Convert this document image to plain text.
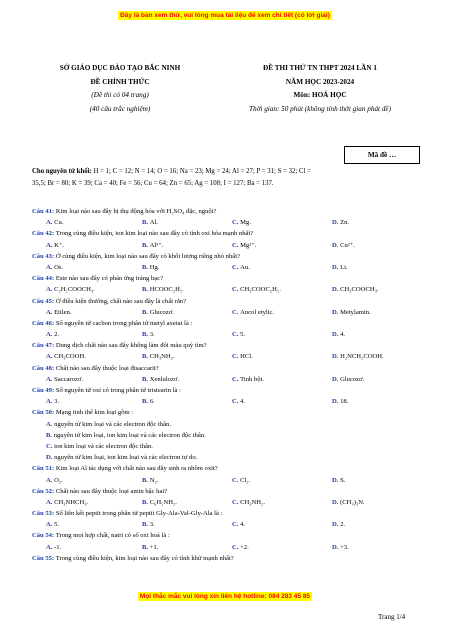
Đây là bản xem thử, vui lòng mua tài liệu để xem chi tiết (có lời giải)
SỞ GIÁO DỤC ĐÀO TẠO BẮC NINH
ĐỀ CHÍNH THỨC
(Đề thi có 04 trang)
(40 câu trắc nghiệm)
ĐỀ THI THỬ TN THPT 2024 LẦN 1
NĂM HỌC 2023-2024
Môn: HOÁ HỌC
Thời gian: 50 phút (không tính thời gian phát đề)
Mã đề …
Cho nguyên tử khối: H = 1; C = 12; N = 14; O = 16; Na = 23; Mg = 24; Al = 27; P = 31; S = 32; Cl =
35,5; Br = 80; K = 39; Ca = 40; Fe = 56; Cu = 64; Zn = 65; Ag = 108; I = 127; Ba = 137.
Câu 41: Kim loại nào sau đây bị thụ động hóa với H₂SO₄ đặc, nguội?
A. Cu.	B. Al.	C. Mg.	D. Zn.
Câu 42: Trong cùng điều kiện, ion kim loại nào sau đây có tính oxi hóa mạnh nhất?
A. K⁺.	B. Al³⁺.	C. Mg²⁺.	D. Cu²⁺.
Câu 43: Ở cùng điều kiện, kim loại nào sau đây có khối lượng riêng nhỏ nhất?
A. Os.	B. Hg.	C. Au.	D. Li.
Câu 44: Este nào sau đây có phản ứng tráng bạc?
A. C₂H₅COOCH₃.	B. HCOOC₂H₅.	C. CH₃COOC₂H₅.	D. CH₃COOCH₃.
Câu 45: Ở điều kiện thường, chất nào sau đây là chất rắn?
A. Etilen.	B. Glucozơ.	C. Ancol etylic.	D. Metylamin.
Câu 46: Số nguyên tử cacbon trong phân tử metyl axetat là :
A. 2.	B. 3.	C. 5.	D. 4.
Câu 47: Dung dịch chất nào sau đây không làm đổi màu quỳ tím?
A. CH₃COOH.	B. CH₃NH₂.	C. HCl.	D. H₂NCH₂COOH.
Câu 48: Chất nào sau đây thuộc loại đisaccarit?
A. Saccarozơ.	B. Xenlulozơ.	C. Tinh bột.	D. Glucozơ.
Câu 49: Số nguyên tử oxi có trong phân tử tristearin là :
A. 3.	B. 6.	C. 4.	D. 18.
Câu 50: Mạng tinh thể kim loại gồm :
A. nguyên tử kim loại và các electron độc thân.
B. nguyên tử kim loại, ion kim loại và các electron độc thân.
C. ion kim loại và các electron độc thân.
D. nguyên tử kim loại, ion kim loại và các electron tự do.
Câu 51: Kim loại Al tác dụng với chất nào sau đây sinh ra nhôm oxit?
A. O₂.	B. N₂.	C. Cl₂.	D. S.
Câu 52: Chất nào sau đây thuộc loại amin bậc hai?
A. CH₃NHCH₃.	B. C₆H₅NH₂.	C. CH₃NH₂.	D. (CH₃)₃N.
Câu 53: Số liên kết peptit trong phân tử peptit Gly-Ala-Val-Gly-Ala là :
A. 5.	B. 3.	C. 4.	D. 2.
Câu 54: Trong mọi hợp chất, natri có số oxi hoá là :
A. -1.	B. +1.	C. +2.	D. +3.
Câu 55: Trong cùng điều kiện, kim loại nào sau đây có tính khử mạnh nhất?
Mọi thắc mắc vui lòng xin liên hệ hotline: 084 283 45 85
Trang 1/4
